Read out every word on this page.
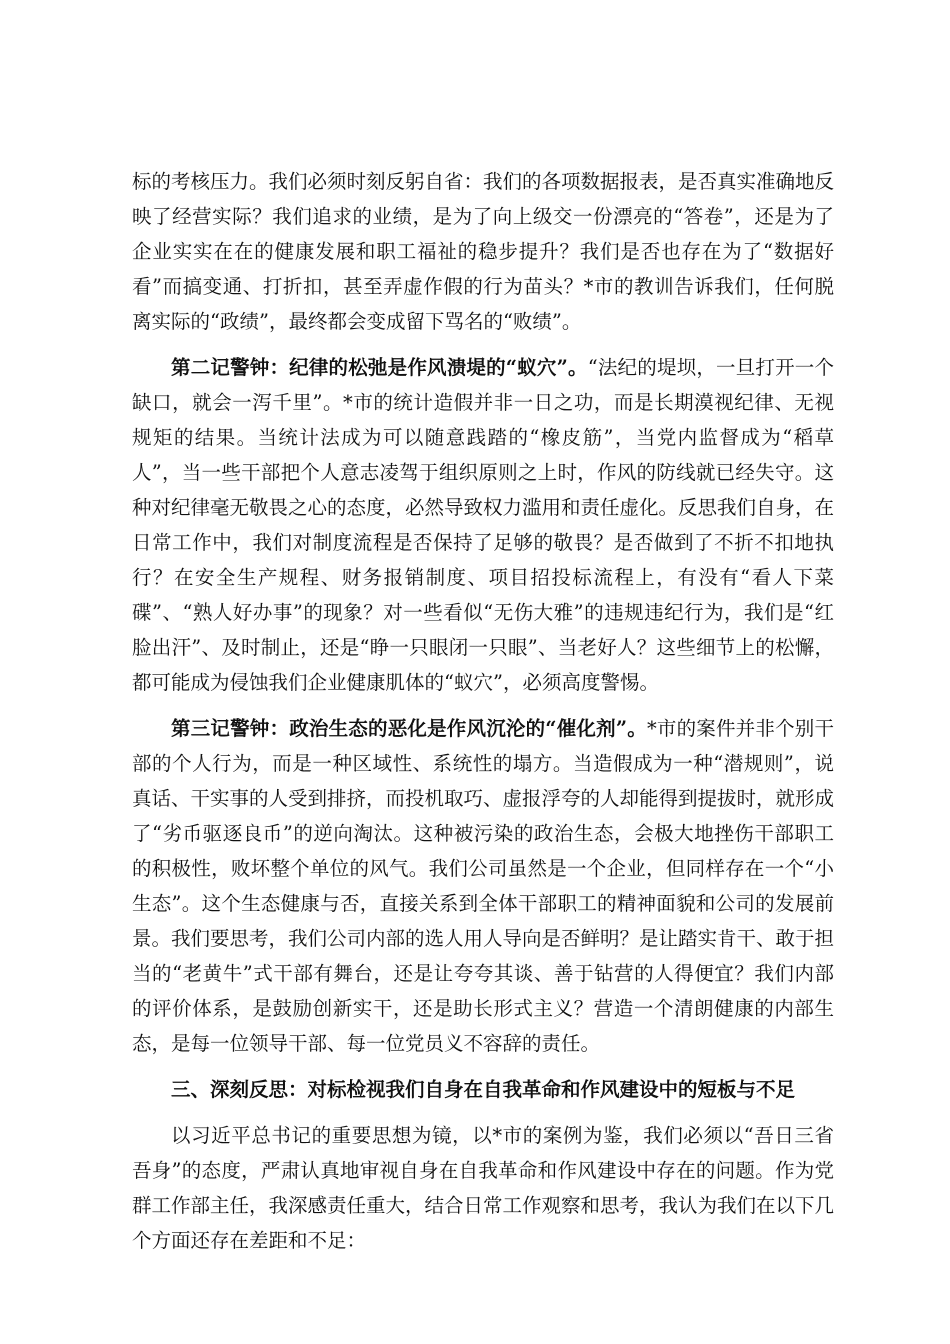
标的考核压力。我们必须时刻反躬自省：我们的各项数据报表，是否真实准确地反映了经营实际？我们追求的业绩，是为了向上级交一份漂亮的“答卷”，还是为了企业实实在在的健康发展和职工福祉的稳步提升？我们是否也存在为了“数据好看”而搞变通、打折扣，甚至弄虚作假的行为苗头？*市的教训告诉我们，任何脱离实际的“政绩”，最终都会变成留下骂名的“败绩”。

第二记警钟：纪律的松弛是作风溃堤的“蚁穴”。“法纪的堤坝，一旦打开一个缺口，就会一泻千里”。*市的统计造假并非一日之功，而是长期漠视纪律、无视规矩的结果。当统计法成为可以随意践踏的“橡皮筋”，当党内监督成为“稻草人”，当一些干部把个人意志凌驾于组织原则之上时，作风的防线就已经失守。这种对纪律毫无敬畏之心的态度，必然导致权力滥用和责任虚化。反思我们自身，在日常工作中，我们对制度流程是否保持了足够的敬畏？是否做到了不折不扣地执行？在安全生产规程、财务报销制度、项目招投标流程上，有没有“看人下菜碟”、“熟人好办事”的现象？对一些看似“无伤大雅”的违规违纪行为，我们是“红脸出汗”、及时制止，还是“睁一只眼闭一只眼”、当老好人？这些细节上的松懈，都可能成为侵蚀我们企业健康肌体的“蚁穴”，必须高度警惕。

第三记警钟：政治生态的恶化是作风沉沦的“催化剂”。*市的案件并非个别干部的个人行为，而是一种区域性、系统性的塌方。当造假成为一种“潜规则”，说真话、干实事的人受到排挤，而投机取巧、虚报浮夸的人却能得到提拔时，就形成了“劣币驱逐良币”的逆向淘汰。这种被污染的政治生态，会极大地挫伤干部职工的积极性，败坏整个单位的风气。我们公司虽然是一个企业，但同样存在一个“小生态”。这个生态健康与否，直接关系到全体干部职工的精神面貌和公司的发展前景。我们要思考，我们公司内部的选人用人导向是否鲜明？是让踏实肯干、敢于担当的“老黄牛”式干部有舞台，还是让夸夸其谈、善于钻营的人得便宜？我们内部的评价体系，是鼓励创新实干，还是助长形式主义？营造一个清朗健康的内部生态，是每一位领导干部、每一位党员义不容辞的责任。

三、深刻反思：对标检视我们自身在自我革命和作风建设中的短板与不足

以习近平总书记的重要思想为镜，以*市的案例为鉴，我们必须以“吾日三省吾身”的态度，严肃认真地审视自身在自我革命和作风建设中存在的问题。作为党群工作部主任，我深感责任重大，结合日常工作观察和思考，我认为我们在以下几个方面还存在差距和不足：
